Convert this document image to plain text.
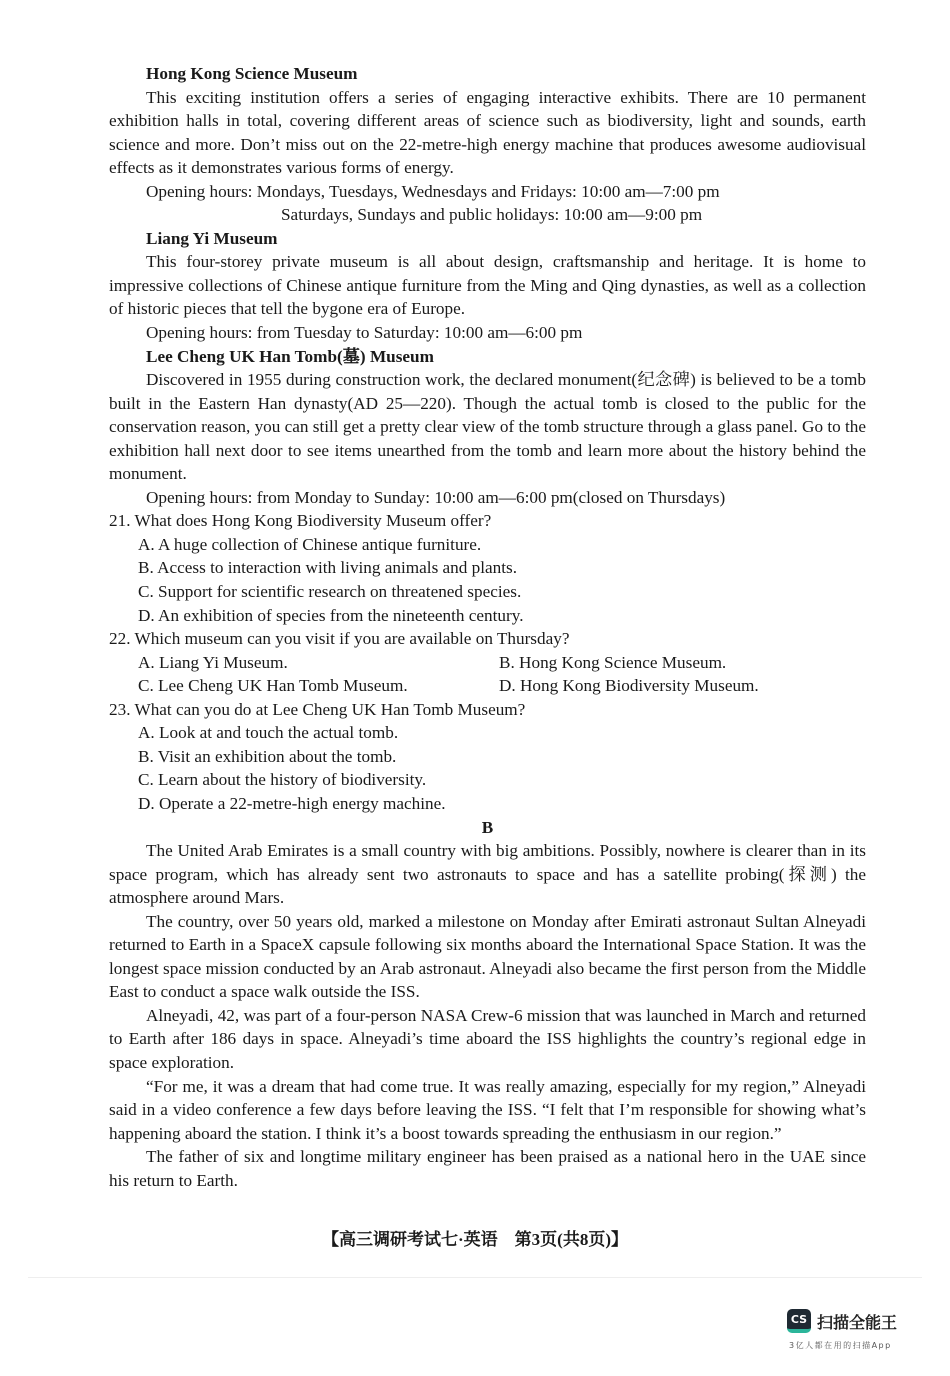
Hong Kong Science Museum

This exciting institution offers a series of engaging interactive exhibits. There are 10 permanent exhibition halls in total, covering different areas of science such as biodiversity, light and sounds, earth science and more. Don’t miss out on the 22-metre-high energy machine that produces awesome audiovisual effects as it demonstrates various forms of energy.

Opening hours: Mondays, Tuesdays, Wednesdays and Fridays: 10:00 am—7:00 pm

Saturdays, Sundays and public holidays: 10:00 am—9:00 pm

Liang Yi Museum

This four-storey private museum is all about design, craftsmanship and heritage. It is home to impressive collections of Chinese antique furniture from the Ming and Qing dynasties, as well as a collection of historic pieces that tell the bygone era of Europe.

Opening hours: from Tuesday to Saturday: 10:00 am—6:00 pm

Lee Cheng UK Han Tomb(墓) Museum

Discovered in 1955 during construction work, the declared monument(纪念碑) is believed to be a tomb built in the Eastern Han dynasty(AD 25—220). Though the actual tomb is closed to the public for the conservation reason, you can still get a pretty clear view of the tomb structure through a glass panel. Go to the exhibition hall next door to see items unearthed from the tomb and learn more about the history behind the monument.

Opening hours: from Monday to Sunday: 10:00 am—6:00 pm(closed on Thursdays)

21. What does Hong Kong Biodiversity Museum offer?

A. A huge collection of Chinese antique furniture.

B. Access to interaction with living animals and plants.

C. Support for scientific research on threatened species.

D. An exhibition of species from the nineteenth century.

22. Which museum can you visit if you are available on Thursday?

A. Liang Yi Museum.	B. Hong Kong Science Museum.
C. Lee Cheng UK Han Tomb Museum.	D. Hong Kong Biodiversity Museum.

23. What can you do at Lee Cheng UK Han Tomb Museum?

A. Look at and touch the actual tomb.

B. Visit an exhibition about the tomb.

C. Learn about the history of biodiversity.

D. Operate a 22-metre-high energy machine.

B

The United Arab Emirates is a small country with big ambitions. Possibly, nowhere is clearer than in its space program, which has already sent two astronauts to space and has a satellite probing(探测) the atmosphere around Mars.

The country, over 50 years old, marked a milestone on Monday after Emirati astronaut Sultan Alneyadi returned to Earth in a SpaceX capsule following six months aboard the International Space Station. It was the longest space mission conducted by an Arab astronaut. Alneyadi also became the first person from the Middle East to conduct a space walk outside the ISS.

Alneyadi, 42, was part of a four-person NASA Crew-6 mission that was launched in March and returned to Earth after 186 days in space. Alneyadi’s time aboard the ISS highlights the country’s regional edge in space exploration.

“For me, it was a dream that had come true. It was really amazing, especially for my region,” Alneyadi said in a video conference a few days before leaving the ISS. “I felt that I’m responsible for showing what’s happening aboard the station. I think it’s a boost towards spreading the enthusiasm in our region.”

The father of six and longtime military engineer has been praised as a national hero in the UAE since his return to Earth.

【高三调研考试七·英语　第3页(共8页)】
CS 扫描全能王
3亿人都在用的扫描App
